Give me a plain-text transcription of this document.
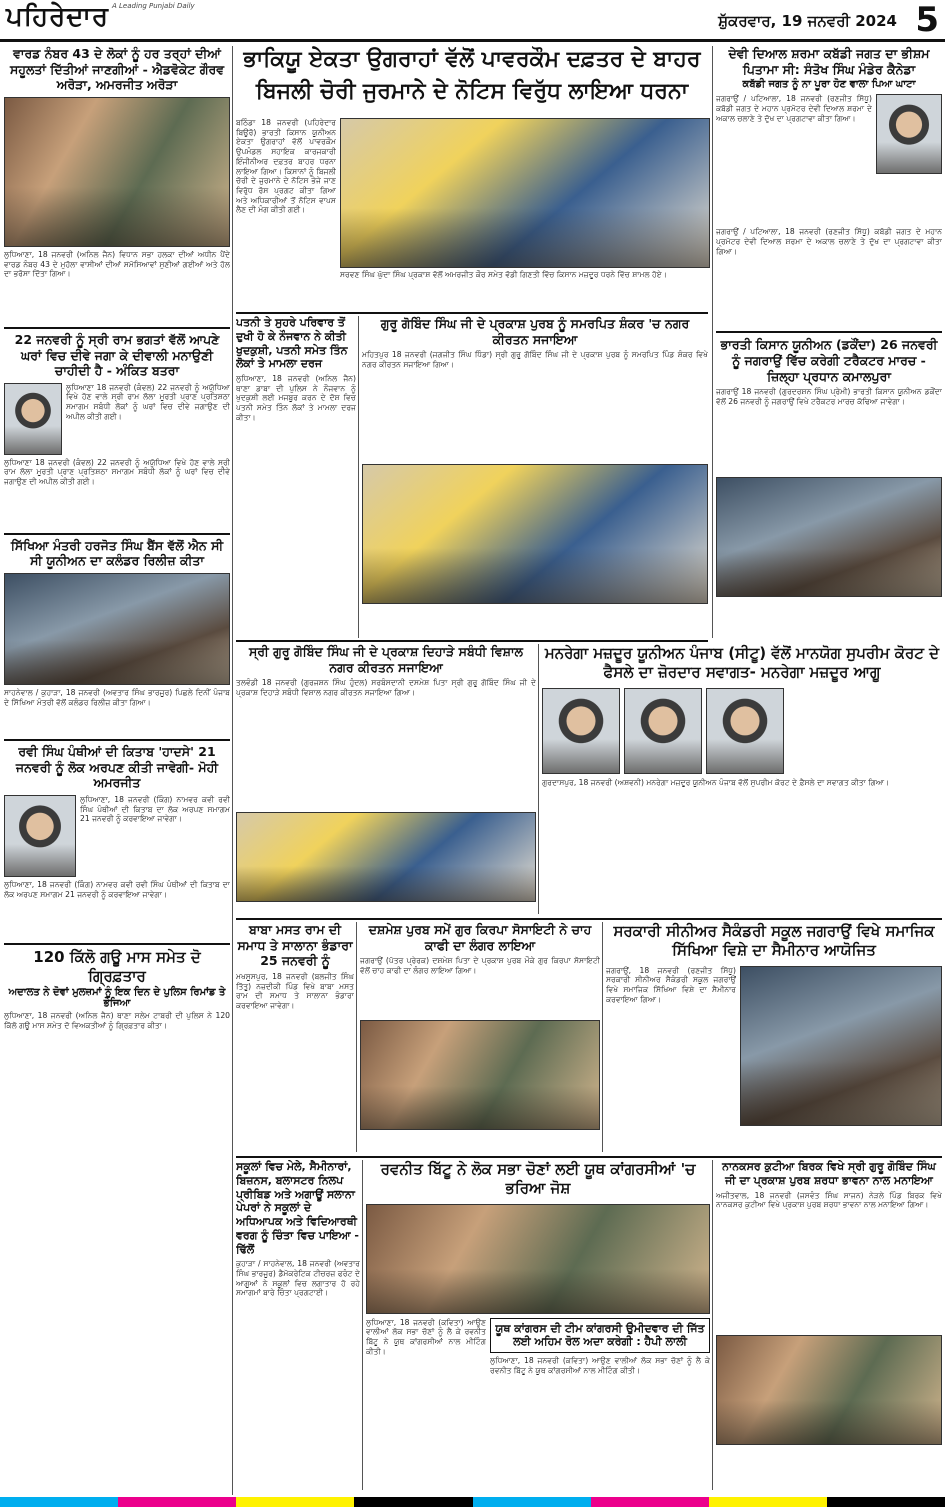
ਪਹਿਰੇਦਾਰ A Leading Punjabi Daily
ਸ਼ੁੱਕਰਵਾਰ, 19 ਜਨਵਰੀ 2024 5
ਵਾਰਡ ਨੰਬਰ 43 ਦੇ ਲੋਕਾਂ ਨੂੰ ਹਰ ਤਰ੍ਹਾਂ ਦੀਆਂ ਸਹੂਲਤਾਂ ਦਿੱਤੀਆਂ ਜਾਣਗੀਆਂ - ਐਡਵੋਕੇਟ ਗੌਰਵ ਅਰੋੜਾ, ਅਮਰਜੀਤ ਅਰੋੜਾ
ਲੁਧਿਆਣਾ, 18 ਜਨਵਰੀ (ਅਨਿਲ ਜੈਨ) ਵਿਧਾਨ ਸਭਾ ਹਲਕਾ ਦੀਆਂ ਅਧੀਨ ਪੈਂਦੇ ਵਾਰਡ ਨੰਬਰ 43 ਦੇ ਮੁਹੱਲਾ ਵਾਸੀਆਂ ਦੀਆਂ ਸਮੱਸਿਆਵਾਂ ਸੁਣੀਆਂ ਗਈਆਂ ਅਤੇ ਹੱਲ ਦਾ ਭਰੋਸਾ ਦਿੱਤਾ ਗਿਆ।
22 ਜਨਵਰੀ ਨੂੰ ਸ੍ਰੀ ਰਾਮ ਭਗਤਾਂ ਵੱਲੋਂ ਆਪਣੇ ਘਰਾਂ ਵਿਚ ਦੀਵੇ ਜਗਾ ਕੇ ਦੀਵਾਲੀ ਮਨਾਉਣੀ ਚਾਹੀਦੀ ਹੈ - ਅੰਕਿਤ ਬਤਰਾ
ਲੁਧਿਆਣਾ 18 ਜਨਵਰੀ (ਕੰਵਲ) 22 ਜਨਵਰੀ ਨੂੰ ਅਯੁੱਧਿਆ ਵਿਖੇ ਹੋਣ ਵਾਲੇ ਸ੍ਰੀ ਰਾਮ ਲੱਲਾ ਮੂਰਤੀ ਪ੍ਰਾਣ ਪ੍ਰਤਿਸ਼ਠਾ ਸਮਾਗਮ ਸਬੰਧੀ ਲੋਕਾਂ ਨੂੰ ਘਰਾਂ ਵਿਚ ਦੀਵੇ ਜਗਾਉਣ ਦੀ ਅਪੀਲ ਕੀਤੀ ਗਈ।
ਲੁਧਿਆਣਾ 18 ਜਨਵਰੀ (ਕੰਵਲ) 22 ਜਨਵਰੀ ਨੂੰ ਅਯੁੱਧਿਆ ਵਿਖੇ ਹੋਣ ਵਾਲੇ ਸ੍ਰੀ ਰਾਮ ਲੱਲਾ ਮੂਰਤੀ ਪ੍ਰਾਣ ਪ੍ਰਤਿਸ਼ਠਾ ਸਮਾਗਮ ਸਬੰਧੀ ਲੋਕਾਂ ਨੂੰ ਘਰਾਂ ਵਿਚ ਦੀਵੇ ਜਗਾਉਣ ਦੀ ਅਪੀਲ ਕੀਤੀ ਗਈ।
ਸਿੱਖਿਆ ਮੰਤਰੀ ਹਰਜੋਤ ਸਿੰਘ ਬੈਂਸ ਵੱਲੋਂ ਐਨ ਸੀ ਸੀ ਯੂਨੀਅਨ ਦਾ ਕਲੰਡਰ ਰਿਲੀਜ਼ ਕੀਤਾ
ਸਾਹਨੇਵਾਲ / ਕੁਹਾੜਾ, 18 ਜਨਵਰੀ (ਅਵਤਾਰ ਸਿੰਘ ਭਾਰਜੂਰ) ਪਿਛਲੇ ਦਿਨੀਂ ਪੰਜਾਬ ਦੇ ਸਿੱਖਿਆ ਮੰਤਰੀ ਵੱਲੋਂ ਕਲੰਡਰ ਰਿਲੀਜ਼ ਕੀਤਾ ਗਿਆ।
ਰਵੀ ਸਿੰਘ ਪੰਥੀਆਂ ਦੀ ਕਿਤਾਬ 'ਹਾਦਸੇ' 21 ਜਨਵਰੀ ਨੂੰ ਲੋਕ ਅਰਪਣ ਕੀਤੀ ਜਾਵੇਗੀ- ਮੋਹੀ ਅਮਰਜੀਤ
ਲੁਧਿਆਣਾ, 18 ਜਨਵਰੀ (ਕਿੰਗ) ਨਾਮਵਰ ਕਵੀ ਰਵੀ ਸਿੰਘ ਪੰਥੀਆਂ ਦੀ ਕਿਤਾਬ ਦਾ ਲੋਕ ਅਰਪਣ ਸਮਾਗਮ 21 ਜਨਵਰੀ ਨੂੰ ਕਰਵਾਇਆ ਜਾਵੇਗਾ।
ਲੁਧਿਆਣਾ, 18 ਜਨਵਰੀ (ਕਿੰਗ) ਨਾਮਵਰ ਕਵੀ ਰਵੀ ਸਿੰਘ ਪੰਥੀਆਂ ਦੀ ਕਿਤਾਬ ਦਾ ਲੋਕ ਅਰਪਣ ਸਮਾਗਮ 21 ਜਨਵਰੀ ਨੂੰ ਕਰਵਾਇਆ ਜਾਵੇਗਾ।
120 ਕਿੱਲੋ ਗਊ ਮਾਸ ਸਮੇਤ ਦੋ ਗ੍ਰਿਫ਼ਤਾਰ
ਅਦਾਲਤ ਨੇ ਦੋਵਾਂ ਮੁਲਜ਼ਮਾਂ ਨੂੰ ਇਕ ਦਿਨ ਦੇ ਪੁਲਿਸ ਰਿਮਾਂਡ ਤੇ ਭੇਜਿਆ
ਲੁਧਿਆਣਾ, 18 ਜਨਵਰੀ (ਅਨਿਲ ਜੈਨ) ਥਾਣਾ ਸਲੇਮ ਟਾਬਰੀ ਦੀ ਪੁਲਿਸ ਨੇ 120 ਕਿੱਲੋ ਗਊ ਮਾਸ ਸਮੇਤ ਦੋ ਵਿਅਕਤੀਆਂ ਨੂੰ ਗ੍ਰਿਫ਼ਤਾਰ ਕੀਤਾ।
ਭਾਕਿਯੂ ਏਕਤਾ ਉਗਰਾਹਾਂ ਵੱਲੋਂ ਪਾਵਰਕੌਮ ਦਫ਼ਤਰ ਦੇ ਬਾਹਰ
ਬਿਜਲੀ ਚੋਰੀ ਜੁਰਮਾਨੇ ਦੇ ਨੋਟਿਸ ਵਿਰੁੱਧ ਲਾਇਆ ਧਰਨਾ
ਬਠਿੰਡਾ 18 ਜਨਵਰੀ (ਪਹਿਰੇਦਾਰ ਬਿਊਰੋ) ਭਾਰਤੀ ਕਿਸਾਨ ਯੂਨੀਅਨ ਏਕਤਾ ਉਗਰਾਹਾਂ ਵੱਲੋਂ ਪਾਵਰਕੌਮ ਉਪਮੰਡਲ ਸਹਾਇਕ ਕਾਰਜਕਾਰੀ ਇੰਜੀਨੀਅਰ ਦਫ਼ਤਰ ਬਾਹਰ ਧਰਨਾ ਲਾਇਆ ਗਿਆ। ਕਿਸਾਨਾਂ ਨੂੰ ਬਿਜਲੀ ਚੋਰੀ ਦੇ ਜੁਰਮਾਨੇ ਦੇ ਨੋਟਿਸ ਭੇਜੇ ਜਾਣ ਵਿਰੁੱਧ ਰੋਸ ਪ੍ਰਗਟ ਕੀਤਾ ਗਿਆ ਅਤੇ ਅਧਿਕਾਰੀਆਂ ਤੋਂ ਨੋਟਿਸ ਵਾਪਸ ਲੈਣ ਦੀ ਮੰਗ ਕੀਤੀ ਗਈ।
ਸਰਵਣ ਸਿੰਘ ਘੁੱਦਾ ਸਿੰਘ ਪ੍ਰਕਾਸ਼ ਵੱਲੋਂ ਅਮਰਜੀਤ ਕੌਰ ਸਮੇਤ ਵੱਡੀ ਗਿਣਤੀ ਵਿੱਚ ਕਿਸਾਨ ਮਜ਼ਦੂਰ ਧਰਨੇ ਵਿੱਚ ਸ਼ਾਮਲ ਹੋਏ।
ਪਤਨੀ ਤੇ ਸੁਹਰੇ ਪਰਿਵਾਰ ਤੋਂ ਦੁਖੀ ਹੋ ਕੇ ਨੌਜਵਾਨ ਨੇ ਕੀਤੀ ਖੁਦਕੁਸ਼ੀ, ਪਤਨੀ ਸਮੇਤ ਤਿੰਨ ਲੋਕਾਂ ਤੇ ਮਾਮਲਾ ਦਰਜ
ਲੁਧਿਆਣਾ, 18 ਜਨਵਰੀ (ਅਨਿਲ ਜੈਨ) ਥਾਣਾ ਡਾਬਾ ਦੀ ਪੁਲਿਸ ਨੇ ਨੌਜਵਾਨ ਨੂੰ ਖੁਦਕੁਸ਼ੀ ਲਈ ਮਜਬੂਰ ਕਰਨ ਦੇ ਦੋਸ਼ ਵਿਚ ਪਤਨੀ ਸਮੇਤ ਤਿੰਨ ਲੋਕਾਂ ਤੇ ਮਾਮਲਾ ਦਰਜ ਕੀਤਾ।
ਗੁਰੂ ਗੋਬਿੰਦ ਸਿੰਘ ਜੀ ਦੇ ਪ੍ਰਕਾਸ਼ ਪੁਰਬ ਨੂੰ ਸਮਰਪਿਤ ਸ਼ੰਕਰ 'ਚ ਨਗਰ ਕੀਰਤਨ ਸਜਾਇਆ
ਮਹਿਤਪੁਰ 18 ਜਨਵਰੀ (ਜਗਜੀਤ ਸਿੰਘ ਧਿੰਡਾ) ਸ੍ਰੀ ਗੁਰੂ ਗੋਬਿੰਦ ਸਿੰਘ ਜੀ ਦੇ ਪ੍ਰਕਾਸ਼ ਪੁਰਬ ਨੂੰ ਸਮਰਪਿਤ ਪਿੰਡ ਸ਼ੰਕਰ ਵਿਖੇ ਨਗਰ ਕੀਰਤਨ ਸਜਾਇਆ ਗਿਆ।
ਸ੍ਰੀ ਗੁਰੂ ਗੋਬਿੰਦ ਸਿੰਘ ਜੀ ਦੇ ਪ੍ਰਕਾਸ਼ ਦਿਹਾੜੇ ਸਬੰਧੀ ਵਿਸ਼ਾਲ ਨਗਰ ਕੀਰਤਨ ਸਜਾਇਆ
ਤਲਵੰਡੀ 18 ਜਨਵਰੀ (ਗੁਰਜਸ਼ਨ ਸਿੰਘ ਹੁੰਦਲ) ਸਰਬੰਸਦਾਨੀ ਦਸਮੇਸ਼ ਪਿਤਾ ਸ੍ਰੀ ਗੁਰੂ ਗੋਬਿੰਦ ਸਿੰਘ ਜੀ ਦੇ ਪ੍ਰਕਾਸ਼ ਦਿਹਾੜੇ ਸਬੰਧੀ ਵਿਸ਼ਾਲ ਨਗਰ ਕੀਰਤਨ ਸਜਾਇਆ ਗਿਆ।
ਮਨਰੇਗਾ ਮਜ਼ਦੂਰ ਯੂਨੀਅਨ ਪੰਜਾਬ (ਸੀਟੂ) ਵੱਲੋਂ ਮਾਨਯੋਗ ਸੁਪਰੀਮ ਕੋਰਟ ਦੇ ਫੈਸਲੇ ਦਾ ਜ਼ੋਰਦਾਰ ਸਵਾਗਤ- ਮਨਰੇਗਾ ਮਜ਼ਦੂਰ ਆਗੂ
ਗੁਰਦਾਸਪੁਰ, 18 ਜਨਵਰੀ (ਅਸ਼ਵਨੀ) ਮਨਰੇਗਾ ਮਜ਼ਦੂਰ ਯੂਨੀਅਨ ਪੰਜਾਬ ਵੱਲੋਂ ਸੁਪਰੀਮ ਕੋਰਟ ਦੇ ਫ਼ੈਸਲੇ ਦਾ ਸਵਾਗਤ ਕੀਤਾ ਗਿਆ।
ਬਾਬਾ ਮਸਤ ਰਾਮ ਦੀ ਸਮਾਧ ਤੇ ਸਾਲਾਨਾ ਭੰਡਾਰਾ 25 ਜਨਵਰੀ ਨੂੰ
ਮਖਸੂਸਪੁਰ, 18 ਜਨਵਰੀ (ਬਲਜੀਤ ਸਿੰਘ ਤਿੱਤੂ) ਨਜ਼ਦੀਕੀ ਪਿੰਡ ਵਿਖੇ ਬਾਬਾ ਮਸਤ ਰਾਮ ਦੀ ਸਮਾਧ ਤੇ ਸਾਲਾਨਾ ਭੰਡਾਰਾ ਕਰਵਾਇਆ ਜਾਵੇਗਾ।
ਦਸ਼ਮੇਸ਼ ਪੁਰਬ ਸਮੇਂ ਗੁਰ ਕਿਰਪਾ ਸੋਸਾਇਟੀ ਨੇ ਚਾਹ ਕਾਫੀ ਦਾ ਲੰਗਰ ਲਾਇਆ
ਜਗਰਾਉਂ (ਪੱਤਰ ਪ੍ਰੇਰਕ) ਦਸ਼ਮੇਸ਼ ਪਿਤਾ ਦੇ ਪ੍ਰਕਾਸ਼ ਪੁਰਬ ਮੌਕੇ ਗੁਰ ਕਿਰਪਾ ਸੋਸਾਇਟੀ ਵੱਲੋਂ ਚਾਹ ਕਾਫੀ ਦਾ ਲੰਗਰ ਲਾਇਆ ਗਿਆ।
ਸਰਕਾਰੀ ਸੀਨੀਅਰ ਸੈਕੰਡਰੀ ਸਕੂਲ ਜਗਰਾਉਂ ਵਿਖੇ ਸਮਾਜਿਕ ਸਿੱਖਿਆ ਵਿਸ਼ੇ ਦਾ ਸੈਮੀਨਾਰ ਆਯੋਜਿਤ
ਜਗਰਾਉਂ, 18 ਜਨਵਰੀ (ਰਣਜੀਤ ਸਿੱਧੂ) ਸਰਕਾਰੀ ਸੀਨੀਅਰ ਸੈਕੰਡਰੀ ਸਕੂਲ ਜਗਰਾਉਂ ਵਿਖੇ ਸਮਾਜਿਕ ਸਿੱਖਿਆ ਵਿਸ਼ੇ ਦਾ ਸੈਮੀਨਾਰ ਕਰਵਾਇਆ ਗਿਆ।
ਸਕੂਲਾਂ ਵਿਚ ਮੇਲੇ, ਸੈਮੀਨਾਰਾਂ, ਬਿਜ਼ਨਸ, ਬਲਾਸਟਰ ਨਿਲਪ ਪ੍ਰੀਬਿਡ ਅਤੇ ਅਗਾਊਂ ਸਲਾਨਾ ਪੇਪਰਾਂ ਨੇ ਸਕੂਲਾਂ ਦੇ ਅਧਿਆਪਕ ਅਤੇ ਵਿਦਿਆਰਥੀ ਵਰਗ ਨੂੰ ਚਿੰਤਾ ਵਿਚ ਪਾਇਆ - ਢਿੱਲੋਂ
ਕੁਹਾੜਾ / ਸਾਹਨੇਵਾਲ, 18 ਜਨਵਰੀ (ਅਵਤਾਰ ਸਿੰਘ ਭਾਰਜੂਰ) ਡੈਮੋਕਰੇਟਿਕ ਟੀਚਰਜ਼ ਫਰੰਟ ਦੇ ਆਗੂਆਂ ਨੇ ਸਕੂਲਾਂ ਵਿਚ ਲਗਾਤਾਰ ਹੋ ਰਹੇ ਸਮਾਗਮਾਂ ਬਾਰੇ ਚਿੰਤਾ ਪ੍ਰਗਟਾਈ।
ਰਵਨੀਤ ਬਿੱਟੂ ਨੇ ਲੋਕ ਸਭਾ ਚੋਣਾਂ ਲਈ ਯੂਥ ਕਾਂਗਰਸੀਆਂ 'ਚ ਭਰਿਆ ਜੋਸ਼
ਲੁਧਿਆਣਾ, 18 ਜਨਵਰੀ (ਕਵਿਤਾ) ਆਉਣ ਵਾਲੀਆਂ ਲੋਕ ਸਭਾ ਚੋਣਾਂ ਨੂੰ ਲੈ ਕੇ ਰਵਨੀਤ ਬਿੱਟੂ ਨੇ ਯੂਥ ਕਾਂਗਰਸੀਆਂ ਨਾਲ ਮੀਟਿੰਗ ਕੀਤੀ।
ਯੂਥ ਕਾਂਗਰਸ ਦੀ ਟੀਮ ਕਾਂਗਰਸੀ ਉਮੀਦਵਾਰ ਦੀ ਜਿੱਤ ਲਈ ਅਹਿਮ ਰੋਲ ਅਦਾ ਕਰੇਗੀ : ਹੈਪੀ ਲਾਲੀ
ਲੁਧਿਆਣਾ, 18 ਜਨਵਰੀ (ਕਵਿਤਾ) ਆਉਣ ਵਾਲੀਆਂ ਲੋਕ ਸਭਾ ਚੋਣਾਂ ਨੂੰ ਲੈ ਕੇ ਰਵਨੀਤ ਬਿੱਟੂ ਨੇ ਯੂਥ ਕਾਂਗਰਸੀਆਂ ਨਾਲ ਮੀਟਿੰਗ ਕੀਤੀ।
ਦੇਵੀ ਦਿਆਲ ਸ਼ਰਮਾ ਕਬੱਡੀ ਜਗਤ ਦਾ ਭੀਸ਼ਮ ਪਿਤਾਮਾ ਸੀ: ਸੰਤੋਖ ਸਿੰਘ ਮੰਡੇਰ ਕੈਨੇਡਾ
ਕਬੱਡੀ ਜਗਤ ਨੂੰ ਨਾ ਪੂਰਾ ਹੋਣ ਵਾਲਾ ਪਿਆ ਘਾਟਾ
ਜਗਰਾਉਂ / ਪਟਿਆਲਾ, 18 ਜਨਵਰੀ (ਰਣਜੀਤ ਸਿੱਧੂ) ਕਬੱਡੀ ਜਗਤ ਦੇ ਮਹਾਨ ਪ੍ਰਮੋਟਰ ਦੇਵੀ ਦਿਆਲ ਸ਼ਰਮਾ ਦੇ ਅਕਾਲ ਚਲਾਣੇ ਤੇ ਦੁੱਖ ਦਾ ਪ੍ਰਗਟਾਵਾ ਕੀਤਾ ਗਿਆ।
ਜਗਰਾਉਂ / ਪਟਿਆਲਾ, 18 ਜਨਵਰੀ (ਰਣਜੀਤ ਸਿੱਧੂ) ਕਬੱਡੀ ਜਗਤ ਦੇ ਮਹਾਨ ਪ੍ਰਮੋਟਰ ਦੇਵੀ ਦਿਆਲ ਸ਼ਰਮਾ ਦੇ ਅਕਾਲ ਚਲਾਣੇ ਤੇ ਦੁੱਖ ਦਾ ਪ੍ਰਗਟਾਵਾ ਕੀਤਾ ਗਿਆ।
ਭਾਰਤੀ ਕਿਸਾਨ ਯੂਨੀਅਨ (ਡਕੌਂਦਾ) 26 ਜਨਵਰੀ ਨੂੰ ਜਗਰਾਉਂ ਵਿੱਚ ਕਰੇਗੀ ਟਰੈਕਟਰ ਮਾਰਚ - ਜ਼ਿਲ੍ਹਾ ਪ੍ਰਧਾਨ ਕਮਾਲਪੁਰਾ
ਜਗਰਾਉਂ 18 ਜਨਵਰੀ (ਗੁਰਦਰਸ਼ਨ ਸਿੰਘ ਪ੍ਰੇਮੀ) ਭਾਰਤੀ ਕਿਸਾਨ ਯੂਨੀਅਨ ਡਕੌਂਦਾ ਵੱਲੋਂ 26 ਜਨਵਰੀ ਨੂੰ ਜਗਰਾਉਂ ਵਿਖੇ ਟਰੈਕਟਰ ਮਾਰਚ ਕੱਢਿਆ ਜਾਵੇਗਾ।
ਨਾਨਕਸਰ ਕੁਟੀਆ ਬਿਰਕ ਵਿਖੇ ਸ੍ਰੀ ਗੁਰੂ ਗੋਬਿੰਦ ਸਿੰਘ ਜੀ ਦਾ ਪ੍ਰਕਾਸ਼ ਪੁਰਬ ਸ਼ਰਧਾ ਭਾਵਨਾ ਨਾਲ ਮਨਾਇਆ
ਅਜੀਤਵਾਲ, 18 ਜਨਵਰੀ (ਜਸਵੰਤ ਸਿੰਘ ਸਾਜਨ) ਨੇੜਲੇ ਪਿੰਡ ਬਿਰਕ ਵਿਖੇ ਨਾਨਕਸਰ ਕੁਟੀਆ ਵਿਖੇ ਪ੍ਰਕਾਸ਼ ਪੁਰਬ ਸ਼ਰਧਾ ਭਾਵਨਾ ਨਾਲ ਮਨਾਇਆ ਗਿਆ।
